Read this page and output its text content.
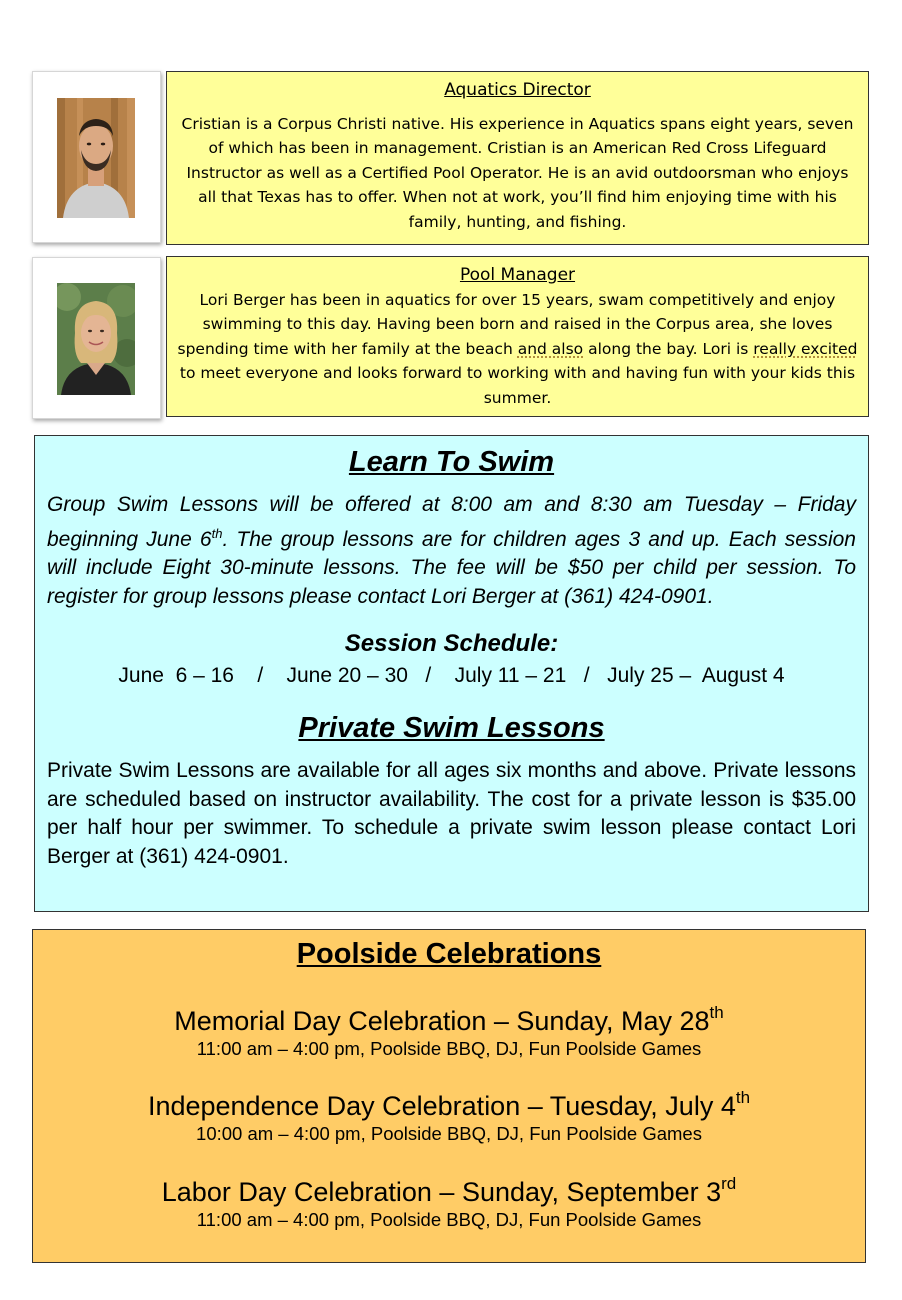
Aquatics Director
Cristian is a Corpus Christi native. His experience in Aquatics spans eight years, seven of which has been in management. Cristian is an American Red Cross Lifeguard Instructor as well as a Certified Pool Operator. He is an avid outdoorsman who enjoys all that Texas has to offer. When not at work, you’ll find him enjoying time with his family, hunting, and fishing.
Pool Manager
Lori Berger has been in aquatics for over 15 years, swam competitively and enjoy swimming to this day. Having been born and raised in the Corpus area, she loves spending time with her family at the beach and also along the bay. Lori is really excited to meet everyone and looks forward to working with and having fun with your kids this summer.
Learn To Swim
Group Swim Lessons will be offered at 8:00 am and 8:30 am Tuesday – Friday beginning June 6th. The group lessons are for children ages 3 and up. Each session will include Eight 30-minute lessons. The fee will be $50 per child per session. To register for group lessons please contact Lori Berger at (361) 424-0901.
Session Schedule:
June  6 – 16    /    June 20 – 30   /    July 11 – 21   /   July 25 –  August 4
Private Swim Lessons
Private Swim Lessons are available for all ages six months and above. Private lessons are scheduled based on instructor availability. The cost for a private lesson is $35.00 per half hour per swimmer. To schedule a private swim lesson please contact Lori Berger at (361) 424-0901.
Poolside Celebrations
Memorial Day Celebration – Sunday, May 28th
11:00 am – 4:00 pm, Poolside BBQ, DJ, Fun Poolside Games
Independence Day Celebration – Tuesday, July 4th
10:00 am – 4:00 pm, Poolside BBQ, DJ, Fun Poolside Games
Labor Day Celebration – Sunday, September 3rd
11:00 am – 4:00 pm, Poolside BBQ, DJ, Fun Poolside Games
